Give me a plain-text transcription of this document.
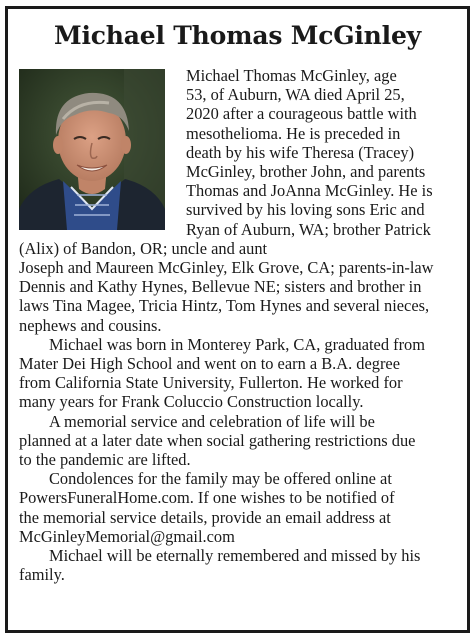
Michael Thomas McGinley

Michael Thomas McGinley, age
53, of Auburn, WA died April 25,
2020 after a courageous battle with
mesothelioma. He is preceded in
death by his wife Theresa (Tracey)
McGinley, brother John, and parents
Thomas and JoAnna McGinley. He is
survived by his loving sons Eric and
Ryan of Auburn, WA; brother Patrick
(Alix) of Bandon, OR; uncle and aunt
Joseph and Maureen McGinley, Elk Grove, CA; parents-in-law
Dennis and Kathy Hynes, Bellevue NE; sisters and brother in
laws Tina Magee, Tricia Hintz, Tom Hynes and several nieces,
nephews and cousins.

Michael was born in Monterey Park, CA, graduated from
Mater Dei High School and went on to earn a B.A. degree
from California State University, Fullerton. He worked for
many years for Frank Coluccio Construction locally.

A memorial service and celebration of life will be
planned at a later date when social gathering restrictions due
to the pandemic are lifted.

Condolences for the family may be offered online at
PowersFuneralHome.com. If one wishes to be notified of
the memorial service details, provide an email address at
McGinleyMemorial@gmail.com

Michael will be eternally remembered and missed by his
family.
